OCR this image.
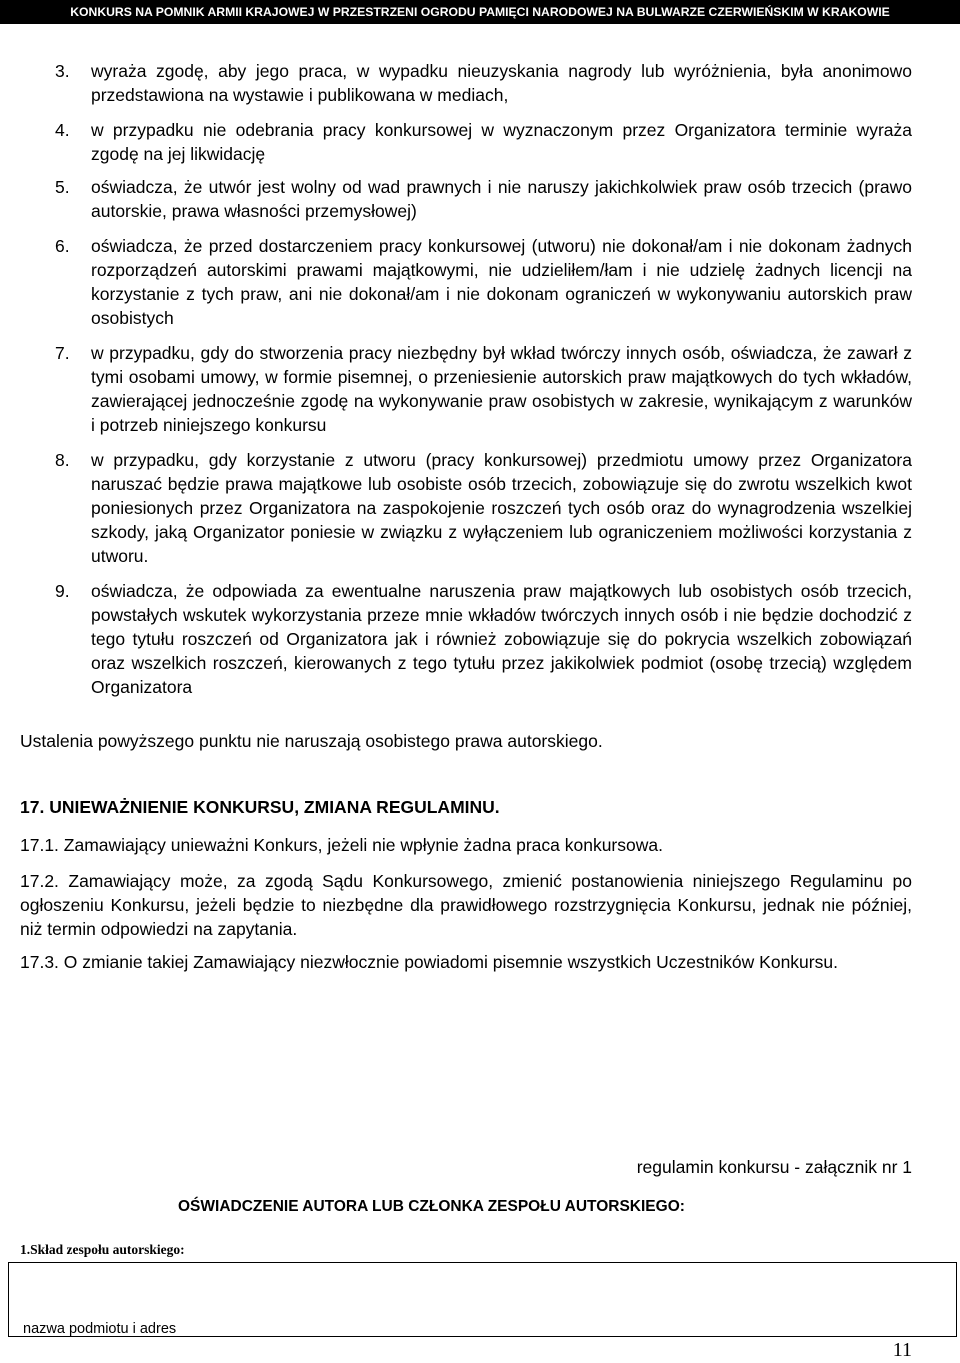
KONKURS NA POMNIK ARMII KRAJOWEJ W PRZESTRZENI OGRODU PAMIĘCI NARODOWEJ NA BULWARZE CZERWIEŃSKIM W KRAKOWIE
3. wyraża zgodę, aby jego praca, w wypadku nieuzyskania nagrody lub wyróżnienia, była anonimowo przedstawiona na wystawie i publikowana w mediach,
4. w przypadku nie odebrania pracy konkursowej w wyznaczonym przez Organizatora terminie wyraża zgodę na jej likwidację
5. oświadcza, że utwór jest wolny od wad prawnych i nie naruszy jakichkolwiek praw osób trzecich (prawo autorskie, prawa własności przemysłowej)
6. oświadcza, że przed dostarczeniem pracy konkursowej (utworu) nie dokonał/am i nie dokonam żadnych rozporządzeń autorskimi prawami majątkowymi, nie udzieliłem/łam i nie udzielę żadnych licencji na korzystanie z tych praw, ani nie dokonał/am i nie dokonam ograniczeń w wykonywaniu autorskich praw osobistych
7. w przypadku, gdy do stworzenia pracy niezbędny był wkład twórczy innych osób, oświadcza, że zawarł z tymi osobami umowy, w formie pisemnej, o przeniesienie autorskich praw majątkowych do tych wkładów, zawierającej jednocześnie zgodę na wykonywanie praw osobistych w zakresie, wynikającym z warunków i potrzeb niniejszego konkursu
8. w przypadku, gdy korzystanie z utworu (pracy konkursowej) przedmiotu umowy przez Organizatora naruszać będzie prawa majątkowe lub osobiste osób trzecich, zobowiązuje się do zwrotu wszelkich kwot poniesionych przez Organizatora na zaspokojenie roszczeń tych osób oraz do wynagrodzenia wszelkiej szkody, jaką Organizator poniesie w związku z wyłączeniem lub ograniczeniem możliwości korzystania z utworu.
9. oświadcza, że odpowiada za ewentualne naruszenia praw majątkowych lub osobistych osób trzecich, powstałych wskutek wykorzystania przeze mnie wkładów twórczych innych osób i nie będzie dochodzić z tego tytułu roszczeń od Organizatora jak i również zobowiązuje się do pokrycia wszelkich zobowiązań oraz wszelkich roszczeń, kierowanych z tego tytułu przez jakikolwiek podmiot (osobę trzecią) względem Organizatora
Ustalenia powyższego punktu nie naruszają osobistego prawa autorskiego.
17. UNIEWAŻNIENIE KONKURSU, ZMIANA REGULAMINU.
17.1. Zamawiający unieważni Konkurs, jeżeli nie wpłynie żadna praca konkursowa.
17.2. Zamawiający może, za zgodą Sądu Konkursowego, zmienić postanowienia niniejszego Regulaminu po ogłoszeniu Konkursu, jeżeli będzie to niezbędne dla prawidłowego rozstrzygnięcia Konkursu, jednak nie później, niż termin odpowiedzi na zapytania.
17.3. O zmianie takiej Zamawiający niezwłocznie powiadomi pisemnie wszystkich Uczestników Konkursu.
regulamin konkursu - załącznik nr 1
OŚWIADCZENIE AUTORA LUB CZŁONKA ZESPOŁU AUTORSKIEGO:
1.Skład zespołu autorskiego:
nazwa podmiotu i adres
11
